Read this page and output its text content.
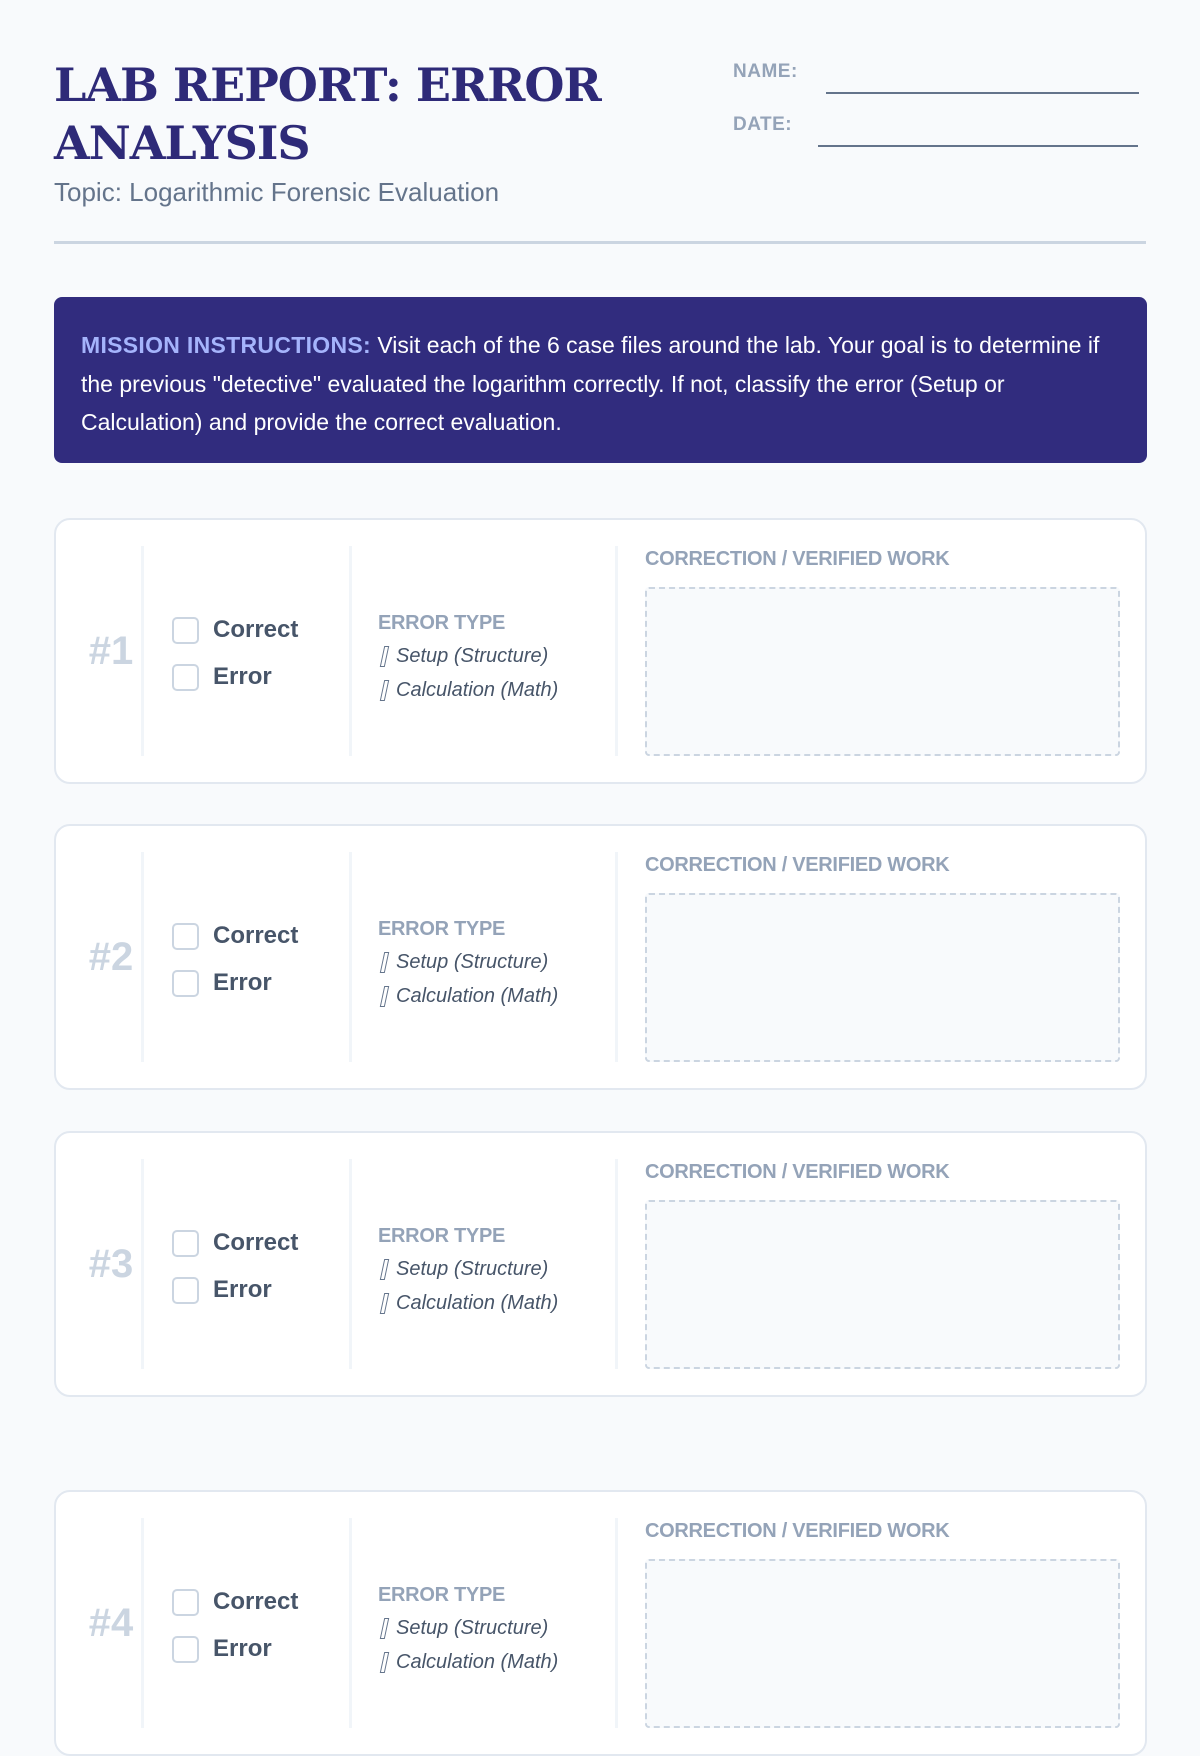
LAB REPORT: ERROR ANALYSIS
Topic: Logarithmic Forensic Evaluation
NAME:
DATE:
MISSION INSTRUCTIONS: Visit each of the 6 case files around the lab. Your goal is to determine if the previous "detective" evaluated the logarithm correctly. If not, classify the error (Setup or Calculation) and provide the correct evaluation.
#1	Correct
Error
ERROR TYPE
Setup (Structure)
Calculation (Math)
CORRECTION / VERIFIED WORK
#2	Correct
Error
ERROR TYPE
Setup (Structure)
Calculation (Math)
CORRECTION / VERIFIED WORK
#3	Correct
Error
ERROR TYPE
Setup (Structure)
Calculation (Math)
CORRECTION / VERIFIED WORK
#4	Correct
Error
ERROR TYPE
Setup (Structure)
Calculation (Math)
CORRECTION / VERIFIED WORK
